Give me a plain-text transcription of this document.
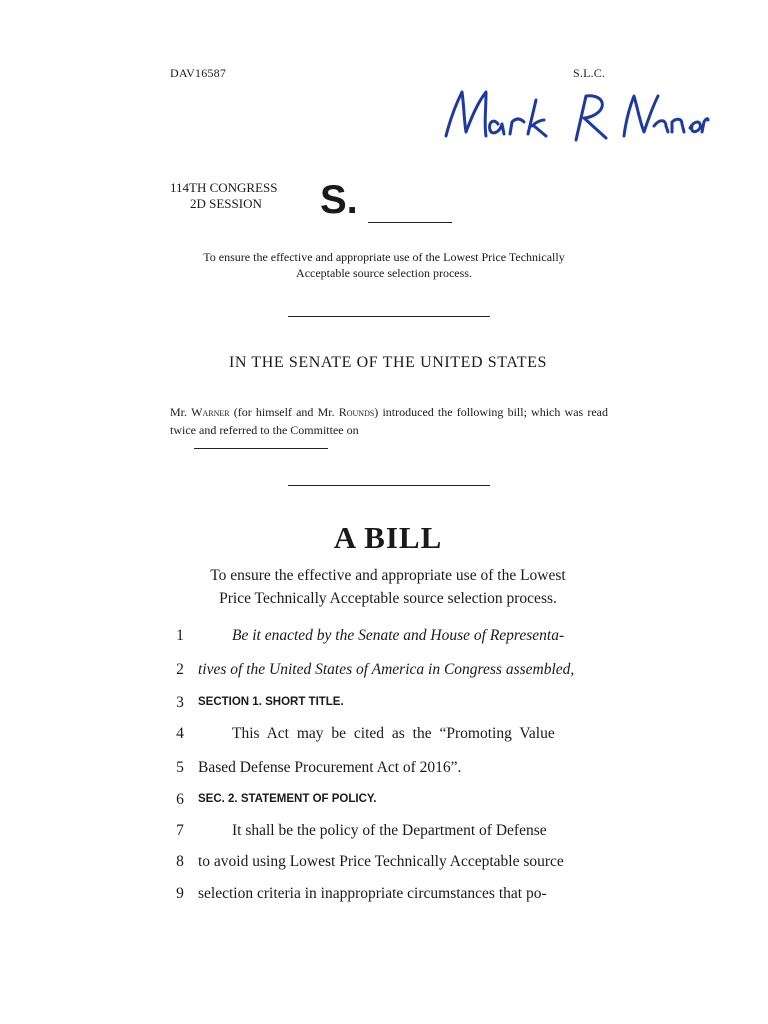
DAV16587	S.L.C.
114TH CONGRESS
2D SESSION S.
To ensure the effective and appropriate use of the Lowest Price Technically
Acceptable source selection process.
IN THE SENATE OF THE UNITED STATES
Mr. Warner (for himself and Mr. Rounds) introduced the following bill; which was read twice and referred to the Committee on
A BILL
To ensure the effective and appropriate use of the Lowest
Price Technically Acceptable source selection process.
1	Be it enacted by the Senate and House of Representa-
2 tives of the United States of America in Congress assembled,
3	SECTION 1. SHORT TITLE.
4	This Act may be cited as the “Promoting Value
5 Based Defense Procurement Act of 2016”.
6	SEC. 2. STATEMENT OF POLICY.
7	It shall be the policy of the Department of Defense
8 to avoid using Lowest Price Technically Acceptable source
9 selection criteria in inappropriate circumstances that po-
